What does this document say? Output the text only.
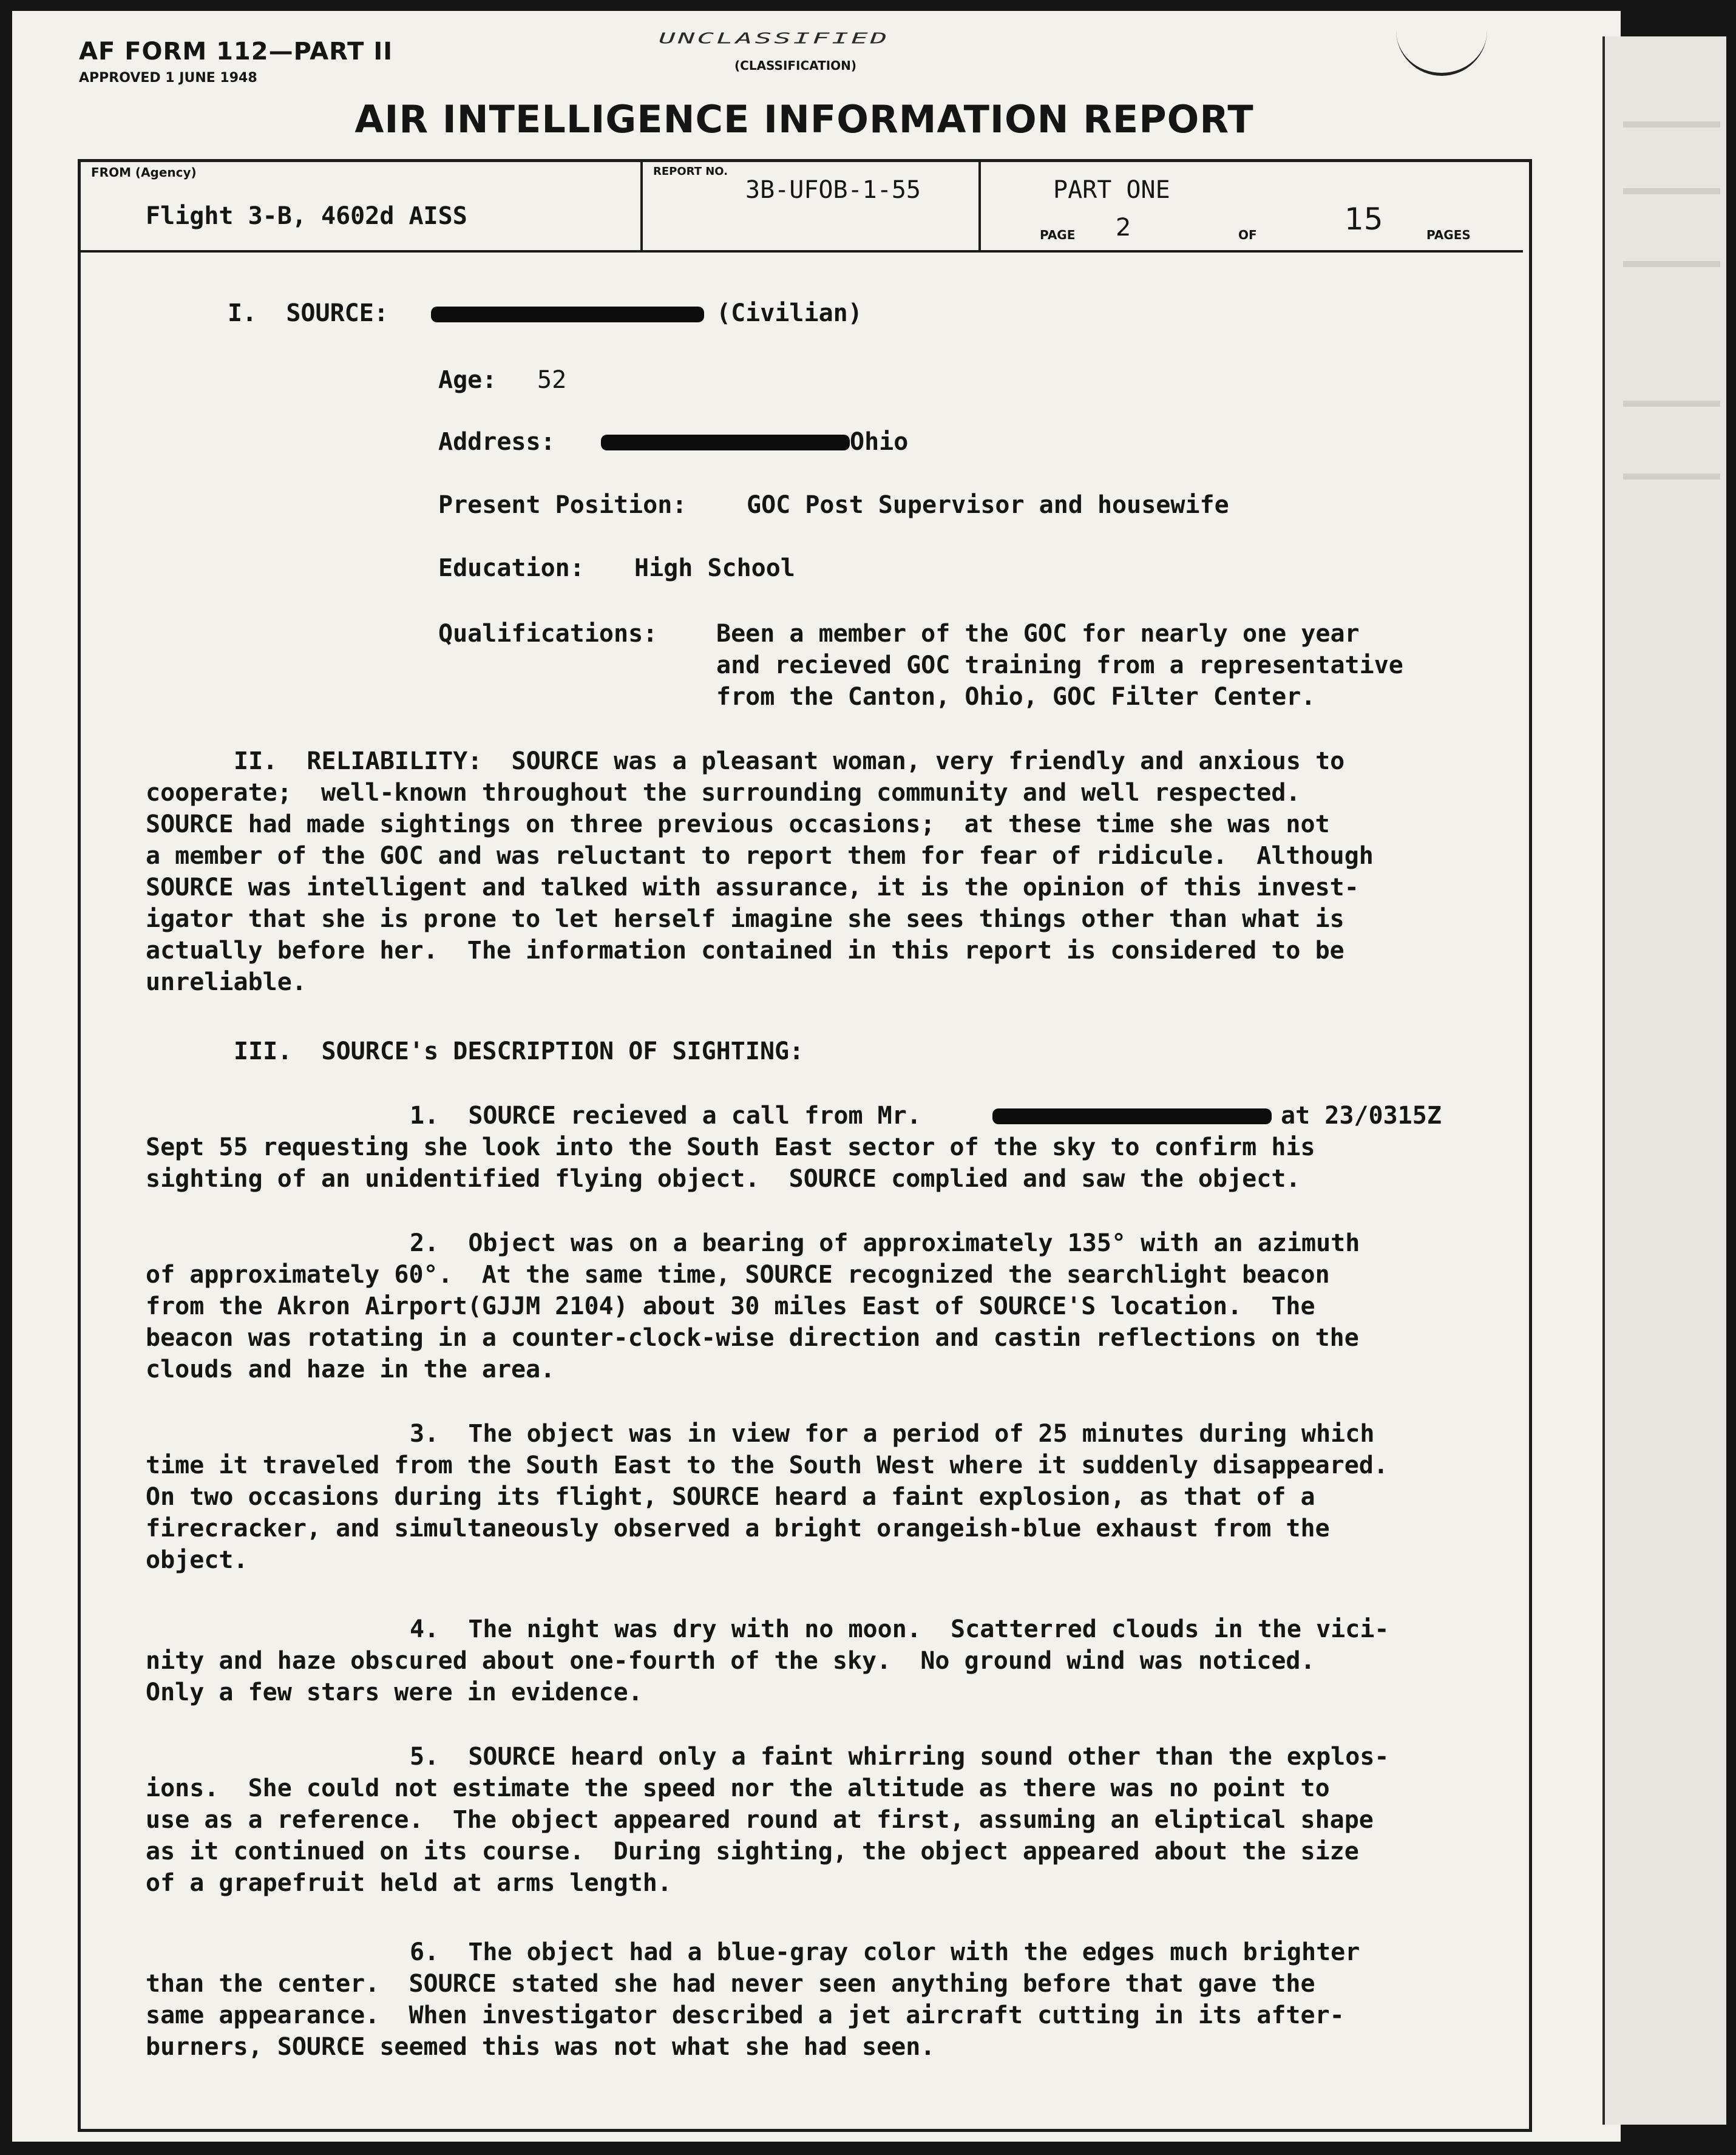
AF FORM 112—PART II
APPROVED 1 JUNE 1948
UNCLASSIFIED
(CLASSIFICATION)
AIR INTELLIGENCE INFORMATION REPORT
FROM (Agency)
Flight 3-B, 4602d AISS
REPORT NO.
3B-UFOB-1-55	PART ONE
PAGE 2	OF	15	PAGES
I.  SOURCE:	(Civilian)
Age: 52
Address:	Ohio
Present Position: GOC Post Supervisor and housewife
Education: High School
Qualifications: Been a member of the GOC for nearly one year
and recieved GOC training from a representative
from the Canton, Ohio, GOC Filter Center.
II.  RELIABILITY:  SOURCE was a pleasant woman, very friendly and anxious to
cooperate;  well-known throughout the surrounding community and well respected.
SOURCE had made sightings on three previous occasions;  at these time she was not
a member of the GOC and was reluctant to report them for fear of ridicule.  Although
SOURCE was intelligent and talked with assurance, it is the opinion of this invest-
igator that she is prone to let herself imagine she sees things other than what is
actually before her.  The information contained in this report is considered to be
unreliable.
III.  SOURCE's DESCRIPTION OF SIGHTING:
1.  SOURCE recieved a call from Mr.	at 23/0315Z
Sept 55 requesting she look into the South East sector of the sky to confirm his
sighting of an unidentified flying object.  SOURCE complied and saw the object.
2.  Object was on a bearing of approximately 135° with an azimuth
of approximately 60°.  At the same time, SOURCE recognized the searchlight beacon
from the Akron Airport(GJJM 2104) about 30 miles East of SOURCE'S location.  The
beacon was rotating in a counter-clock-wise direction and castin reflections on the
clouds and haze in the area.
3.  The object was in view for a period of 25 minutes during which
time it traveled from the South East to the South West where it suddenly disappeared.
On two occasions during its flight, SOURCE heard a faint explosion, as that of a
firecracker, and simultaneously observed a bright orangeish-blue exhaust from the
object.
4.  The night was dry with no moon.  Scatterred clouds in the vici-
nity and haze obscured about one-fourth of the sky.  No ground wind was noticed.
Only a few stars were in evidence.
5.  SOURCE heard only a faint whirring sound other than the explos-
ions.  She could not estimate the speed nor the altitude as there was no point to
use as a reference.  The object appeared round at first, assuming an eliptical shape
as it continued on its course.  During sighting, the object appeared about the size
of a grapefruit held at arms length.
6.  The object had a blue-gray color with the edges much brighter
than the center.  SOURCE stated she had never seen anything before that gave the
same appearance.  When investigator described a jet aircraft cutting in its after-
burners, SOURCE seemed this was not what she had seen.
